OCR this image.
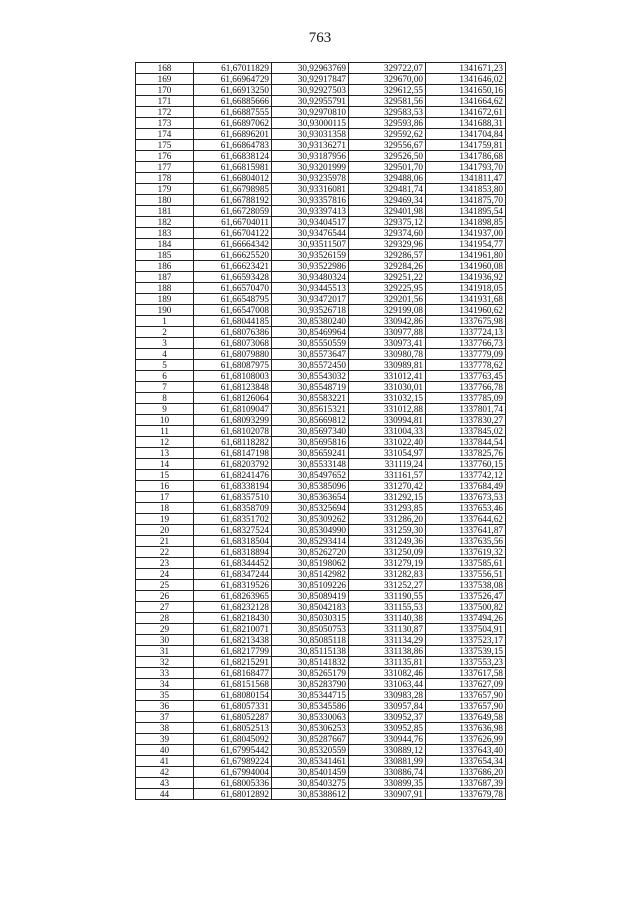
763
168	61,67011829	30,92963769	329722,07	1341671,23
169	61,66964729	30,92917847	329670,00	1341646,02
170	61,66913250	30,92927503	329612,55	1341650,16
171	61,66885666	30,92955791	329581,56	1341664,62
172	61,66887555	30,92970810	329583,53	1341672,61
173	61,66897062	30,93000115	329593,86	1341688,31
174	61,66896201	30,93031358	329592,62	1341704,84
175	61,66864783	30,93136271	329556,67	1341759,81
176	61,66838124	30,93187956	329526,50	1341786,68
177	61,66815981	30,93201999	329501,70	1341793,70
178	61,66804012	30,93235978	329488,06	1341811,47
179	61,66798985	30,93316081	329481,74	1341853,80
180	61,66788192	30,93357816	329469,34	1341875,70
181	61,66728059	30,93397413	329401,98	1341895,54
182	61,66704011	30,93404517	329375,12	1341898,85
183	61,66704122	30,93476544	329374,60	1341937,00
184	61,66664342	30,93511507	329329,96	1341954,77
185	61,66625520	30,93526159	329286,57	1341961,80
186	61,66623421	30,93522986	329284,26	1341960,08
187	61,66593428	30,93480324	329251,22	1341936,92
188	61,66570470	30,93445513	329225,95	1341918,05
189	61,66548795	30,93472017	329201,56	1341931,68
190	61,66547008	30,93526718	329199,08	1341960,62
1	61,68044185	30,85380240	330942,86	1337675,98
2	61,68076386	30,85469964	330977,88	1337724,13
3	61,68073068	30,85550559	330973,41	1337766,73
4	61,68079880	30,85573647	330980,78	1337779,09
5	61,68087975	30,85572450	330989,81	1337778,62
6	61,68108003	30,85543032	331012,41	1337763,45
7	61,68123848	30,85548719	331030,01	1337766,78
8	61,68126064	30,85583221	331032,15	1337785,09
9	61,68109047	30,85615321	331012,88	1337801,74
10	61,68093299	30,85669812	330994,81	1337830,27
11	61,68102078	30,85697340	331004,33	1337845,02
12	61,68118282	30,85695816	331022,40	1337844,54
13	61,68147198	30,85659241	331054,97	1337825,76
14	61,68203792	30,85533148	331119,24	1337760,15
15	61,68241476	30,85497652	331161,57	1337742,12
16	61,68338194	30,85385096	331270,42	1337684,49
17	61,68357510	30,85363654	331292,15	1337673,53
18	61,68358709	30,85325694	331293,85	1337653,46
19	61,68351702	30,85309262	331286,20	1337644,62
20	61,68327524	30,85304990	331259,30	1337641,87
21	61,68318504	30,85293414	331249,36	1337635,56
22	61,68318894	30,85262720	331250,09	1337619,32
23	61,68344452	30,85198062	331279,19	1337585,61
24	61,68347244	30,85142982	331282,83	1337556,51
25	61,68319526	30,85109226	331252,27	1337538,08
26	61,68263965	30,85089419	331190,55	1337526,47
27	61,68232128	30,85042183	331155,53	1337500,82
28	61,68218430	30,85030315	331140,38	1337494,26
29	61,68210071	30,85050753	331130,87	1337504,91
30	61,68213438	30,85085118	331134,29	1337523,17
31	61,68217799	30,85115138	331138,86	1337539,15
32	61,68215291	30,85141832	331135,81	1337553,23
33	61,68168477	30,85265179	331082,46	1337617,58
34	61,68151568	30,85283790	331063,44	1337627,09
35	61,68080154	30,85344715	330983,28	1337657,90
36	61,68057331	30,85345586	330957,84	1337657,90
37	61,68052287	30,85330063	330952,37	1337649,58
38	61,68052513	30,85306253	330952,85	1337636,98
39	61,68045092	30,85287667	330944,76	1337626,99
40	61,67995442	30,85320559	330889,12	1337643,40
41	61,67989224	30,85341461	330881,99	1337654,34
42	61,67994004	30,85401459	330886,74	1337686,20
43	61,68005336	30,85403275	330899,35	1337687,39
44	61,68012892	30,85388612	330907,91	1337679,78
